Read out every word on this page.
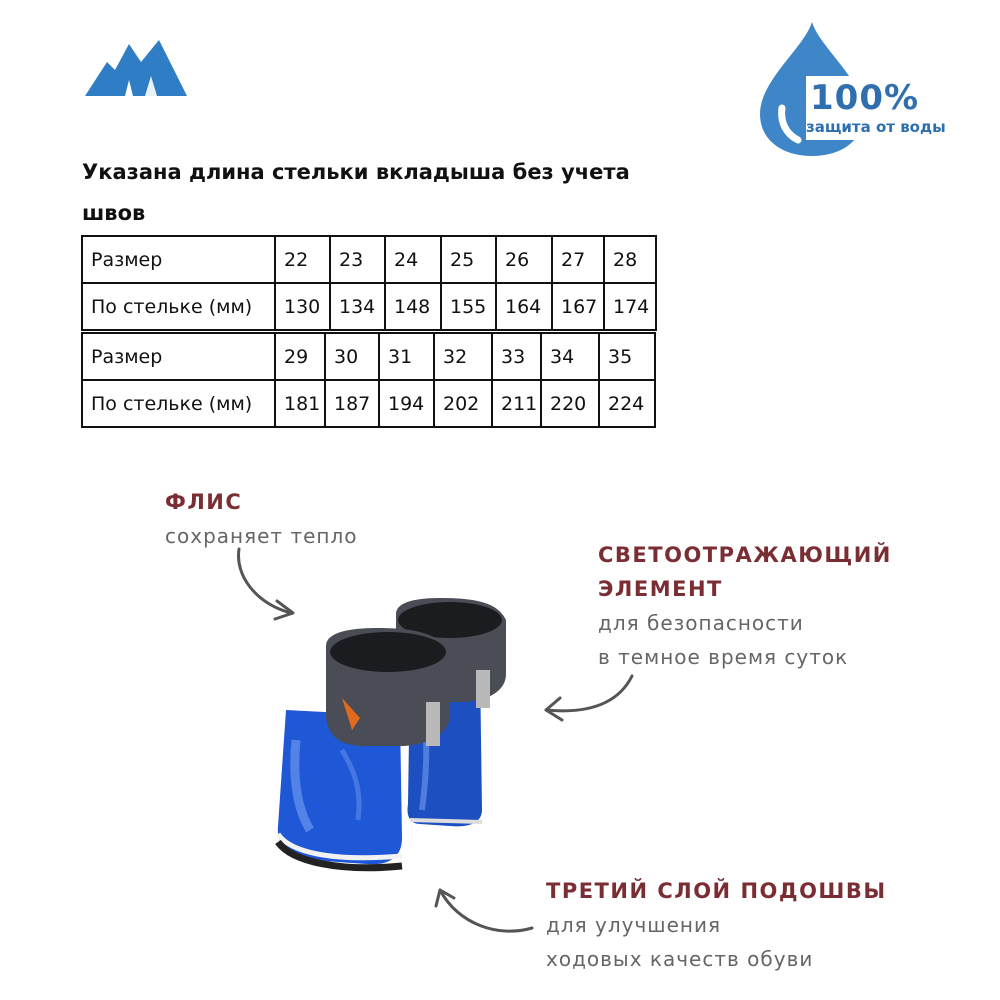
100%
защита от воды
Указана длина стельки вкладыша без учета швов
Размер	22	23	24	25	26	27	28
По стельке (мм)	130	134	148	155	164	167	174
Размер	29	30	31	32	33	34	35
По стельке (мм)	181	187	194	202	211	220	224
ФЛИС
сохраняет тепло
СВЕТООТРАЖАЮЩИЙ
ЭЛЕМЕНТ
для безопасности
в темное время суток
ТРЕТИЙ СЛОЙ ПОДОШВЫ
для улучшения
ходовых качеств обуви
